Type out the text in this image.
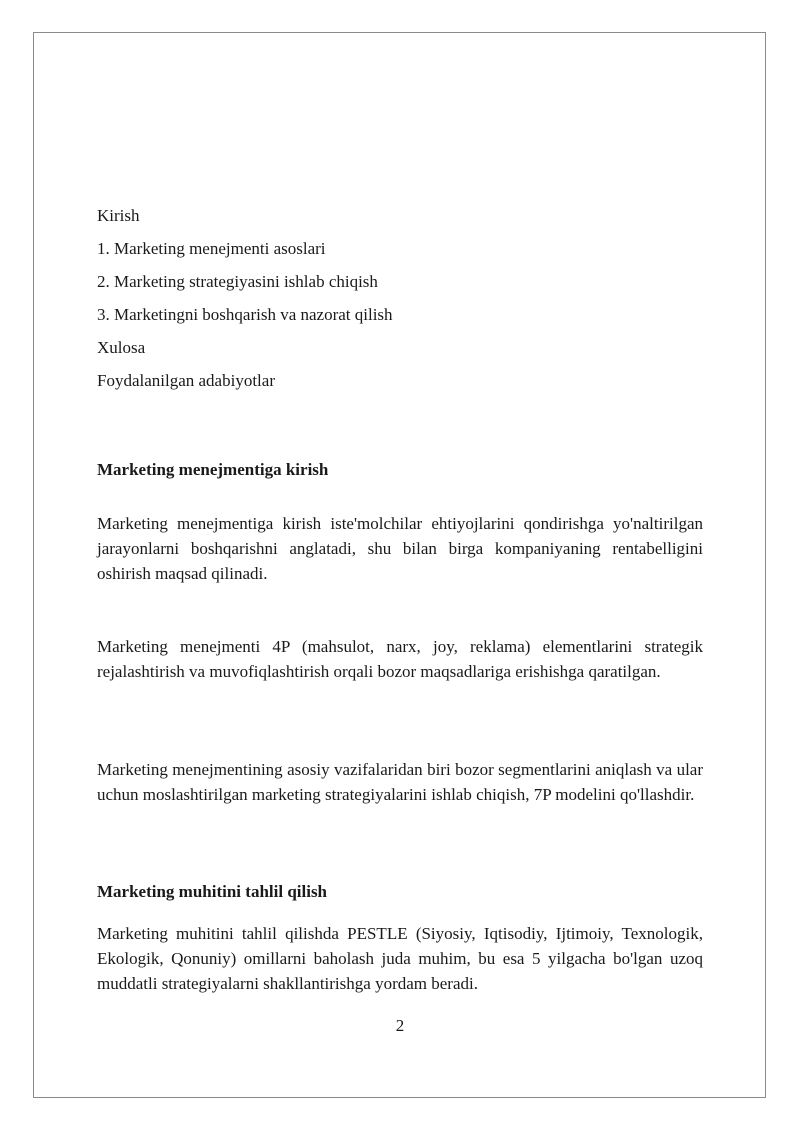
Kirish
1. Marketing menejmenti asoslari
2. Marketing strategiyasini ishlab chiqish
3. Marketingni boshqarish va nazorat qilish
Xulosa
Foydalanilgan adabiyotlar
Marketing menejmentiga kirish
Marketing menejmentiga kirish iste'molchilar ehtiyojlarini qondirishga yo'naltirilgan jarayonlarni boshqarishni anglatadi, shu bilan birga kompaniyaning rentabelligini oshirish maqsad qilinadi.
Marketing menejmenti 4P (mahsulot, narx, joy, reklama) elementlarini strategik rejalashtirish va muvofiqlashtirish orqali bozor maqsadlariga erishishga qaratilgan.
Marketing menejmentining asosiy vazifalaridan biri bozor segmentlarini aniqlash va ular uchun moslashtirilgan marketing strategiyalarini ishlab chiqish, 7P modelini qo'llashdir.
Marketing muhitini tahlil qilish
Marketing muhitini tahlil qilishda PESTLE (Siyosiy, Iqtisodiy, Ijtimoiy, Texnologik, Ekologik, Qonuniy) omillarni baholash juda muhim, bu esa 5 yilgacha bo'lgan uzoq muddatli strategiyalarni shakllantirishga yordam beradi.
2
